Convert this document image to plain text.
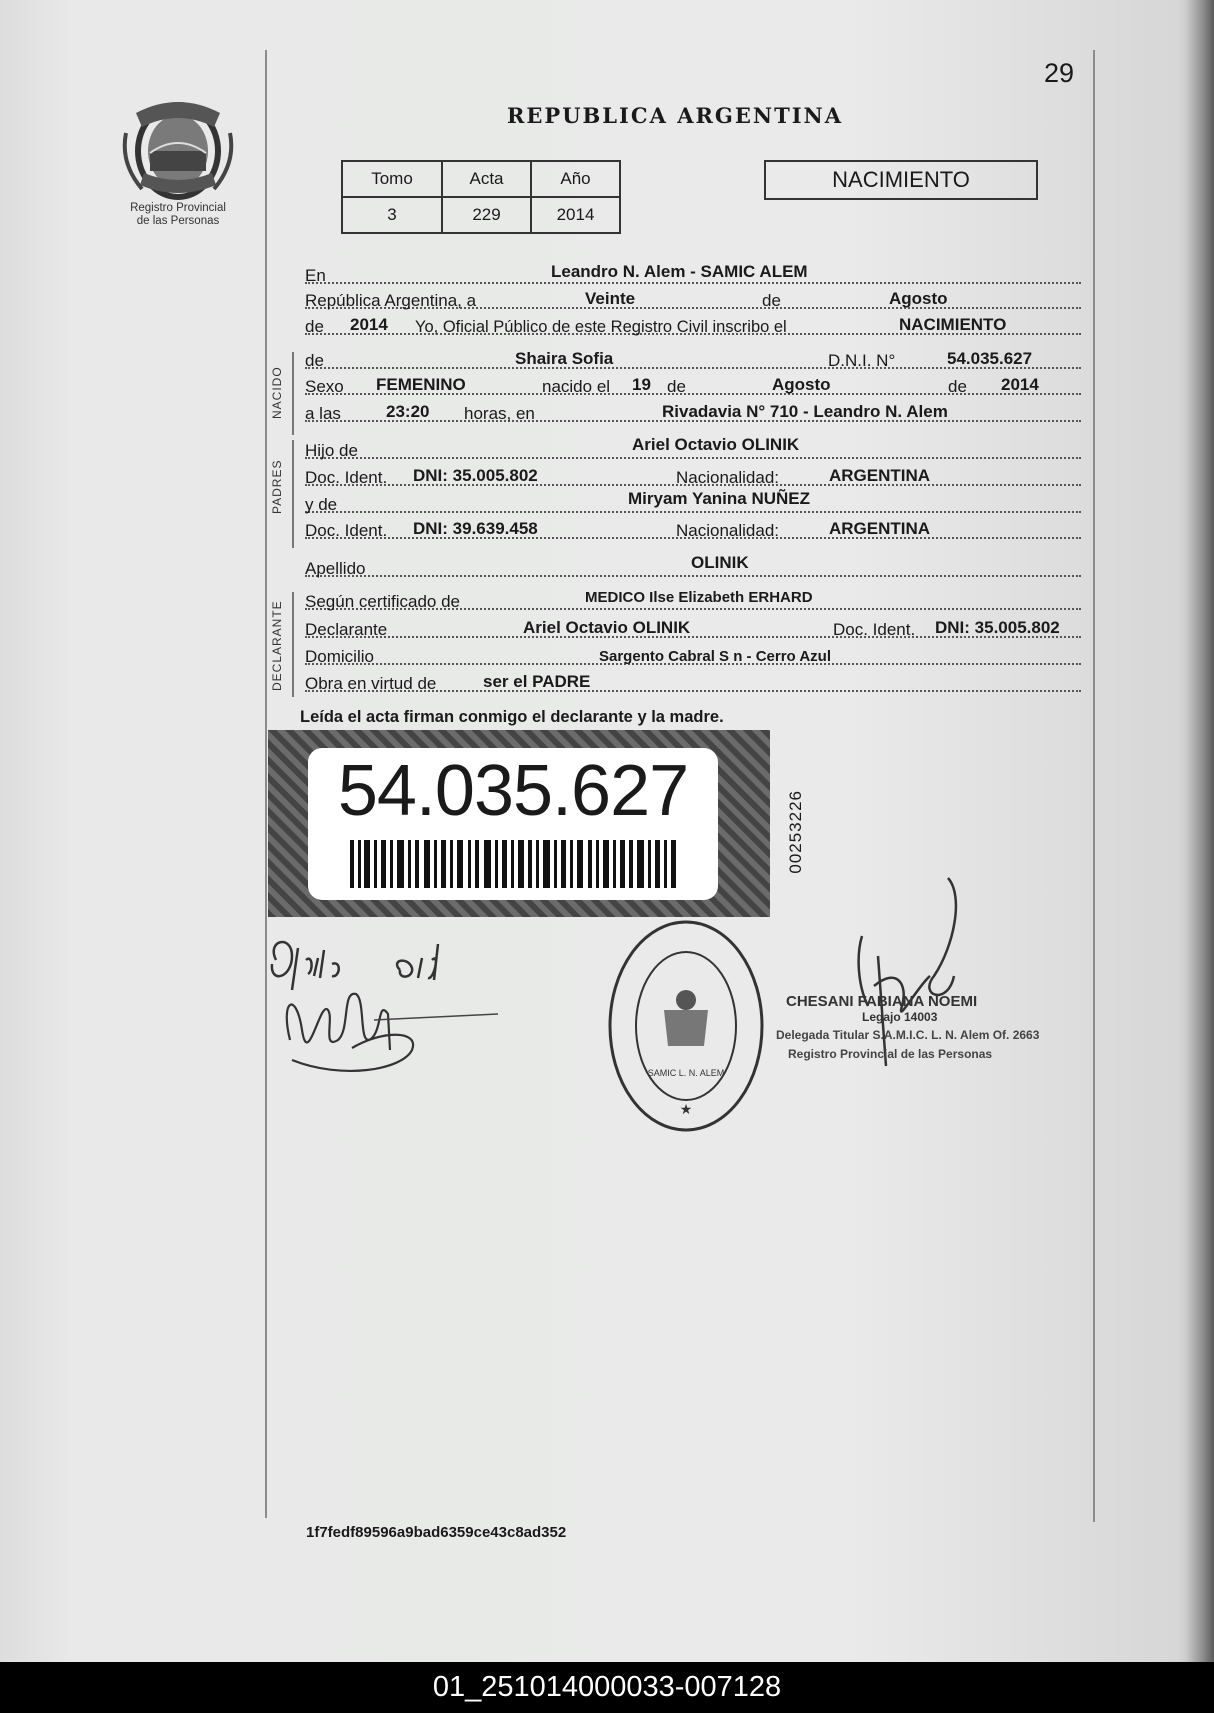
29
Registro Provincial
de las Personas
REPUBLICA ARGENTINA
Tomo	Acta	Año
3	229	2014
NACIMIENTO
En	Leandro N. Alem - SAMIC ALEM
República Argentina, a	Veinte	de	Agosto
de 2014 Yo, Oficial Público de este Registro Civil inscribo el	NACIMIENTO
NACIDO
de	Shaira Sofia	D.N.I. N°	54.035.627
Sexo FEMENINO	nacido el 19 de	Agosto	de 2014
a las	23:20 horas, en	Rivadavia N° 710 - Leandro N. Alem
PADRES
Hijo de	Ariel Octavio OLINIK
Doc. Ident. DNI: 35.005.802	Nacionalidad:	ARGENTINA
y de	Miryam Yanina NUÑEZ
Doc. Ident. DNI: 39.639.458	Nacionalidad:	ARGENTINA
Apellido	OLINIK
DECLARANTE	Según certificado de	MEDICO Ilse Elizabeth ERHARD
Declarante	Ariel Octavio OLINIK	Doc. Ident. DNI: 35.005.802
Domicilio	Sargento Cabral S n - Cerro Azul
Obra en virtud de	ser el PADRE
Leída el acta firman conmigo el declarante y la madre.
54.035.627	00253226
★
SAMIC L. N. ALEM
CHESANI FABIANA NOEMI
Legajo 14003
Delegada Titular S.A.M.I.C. L. N. Alem Of. 2663
Registro Provincial de las Personas
1f7fedf89596a9bad6359ce43c8ad352
01_251014000033-007128
